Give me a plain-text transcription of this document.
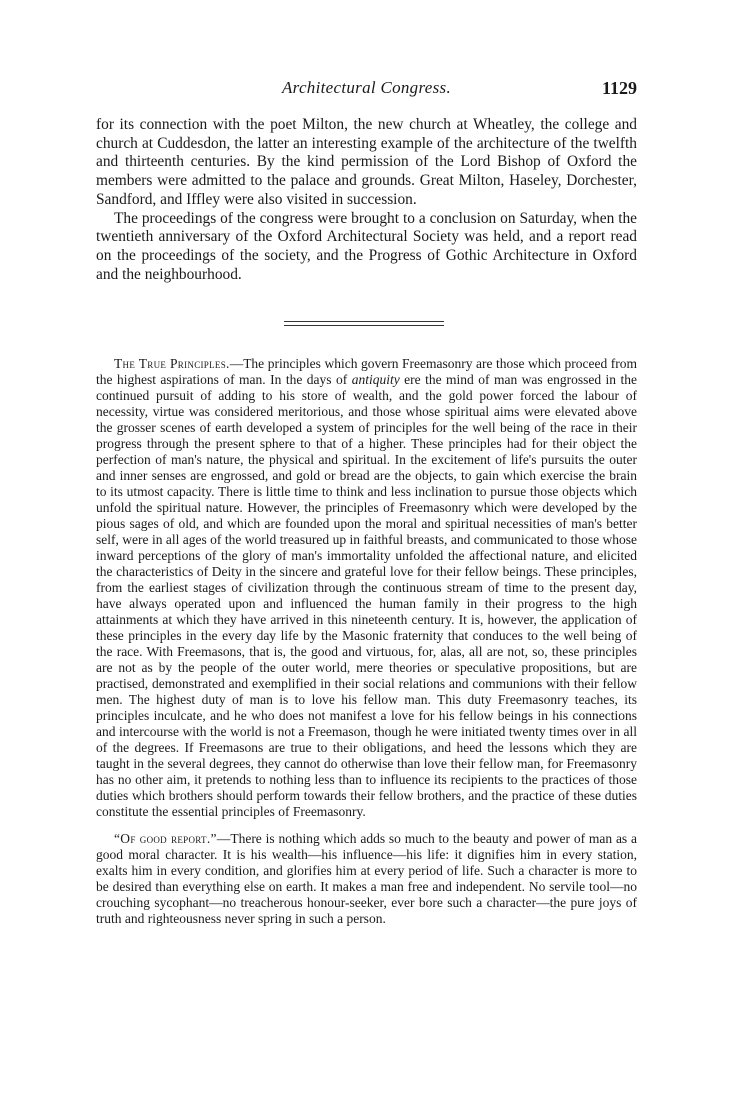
Architectural Congress.	1129

for its connection with the poet Milton, the new church at Wheatley, the college and church at Cuddesdon, the latter an interesting example of the architecture of the twelfth and thirteenth centuries. By the kind permission of the Lord Bishop of Oxford the members were admitted to the palace and grounds. Great Milton, Haseley, Dorchester, Sandford, and Iffley were also visited in succession.

The proceedings of the congress were brought to a conclusion on Saturday, when the twentieth anniversary of the Oxford Architectural Society was held, and a report read on the proceedings of the society, and the Progress of Gothic Architecture in Oxford and the neighbourhood.

The True Principles.—The principles which govern Freemasonry are those which proceed from the highest aspirations of man. In the days of antiquity ere the mind of man was engrossed in the continued pursuit of adding to his store of wealth, and the gold power forced the labour of necessity, virtue was considered meritorious, and those whose spiritual aims were elevated above the grosser scenes of earth developed a system of principles for the well being of the race in their progress through the present sphere to that of a higher. These principles had for their object the perfection of man's nature, the physical and spiritual. In the excitement of life's pursuits the outer and inner senses are engrossed, and gold or bread are the objects, to gain which exercise the brain to its utmost capacity. There is little time to think and less inclination to pursue those objects which unfold the spiritual nature. However, the principles of Freemasonry which were developed by the pious sages of old, and which are founded upon the moral and spiritual necessities of man's better self, were in all ages of the world treasured up in faithful breasts, and communicated to those whose inward perceptions of the glory of man's immortality unfolded the affectional nature, and elicited the characteristics of Deity in the sincere and grateful love for their fellow beings. These principles, from the earliest stages of civilization through the continuous stream of time to the present day, have always operated upon and influenced the human family in their progress to the high attainments at which they have arrived in this nineteenth century. It is, however, the application of these principles in the every day life by the Masonic fraternity that conduces to the well being of the race. With Freemasons, that is, the good and virtuous, for, alas, all are not, so, these principles are not as by the people of the outer world, mere theories or speculative propositions, but are practised, demonstrated and exemplified in their social relations and communions with their fellow men. The highest duty of man is to love his fellow man. This duty Freemasonry teaches, its principles inculcate, and he who does not manifest a love for his fellow beings in his connections and intercourse with the world is not a Freemason, though he were initiated twenty times over in all of the degrees. If Freemasons are true to their obligations, and heed the lessons which they are taught in the several degrees, they cannot do otherwise than love their fellow man, for Freemasonry has no other aim, it pretends to nothing less than to influence its recipients to the practices of those duties which brothers should perform towards their fellow brothers, and the practice of these duties constitute the essential principles of Freemasonry.

“Of good report.”—There is nothing which adds so much to the beauty and power of man as a good moral character. It is his wealth—his influence—his life: it dignifies him in every station, exalts him in every condition, and glorifies him at every period of life. Such a character is more to be desired than everything else on earth. It makes a man free and independent. No servile tool—no crouching sycophant—no treacherous honour-seeker, ever bore such a character—the pure joys of truth and righteousness never spring in such a person.
